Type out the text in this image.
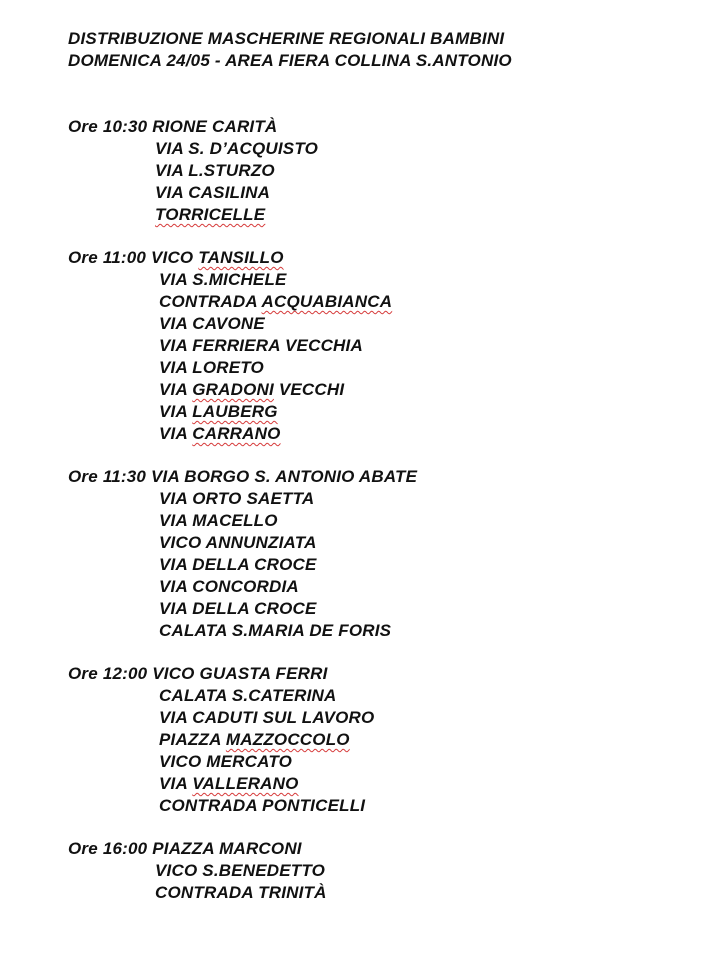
DISTRIBUZIONE MASCHERINE REGIONALI BAMBINI
DOMENICA 24/05 - AREA FIERA COLLINA S.ANTONIO
Ore 10:30 RIONE CARITÀ
VIA S. D’ACQUISTO
VIA L.STURZO
VIA CASILINA
TORRICELLE
Ore 11:00 VICO TANSILLO
VIA S.MICHELE
CONTRADA ACQUABIANCA
VIA CAVONE
VIA FERRIERA VECCHIA
VIA LORETO
VIA GRADONI VECCHI
VIA LAUBERG
VIA CARRANO
Ore 11:30 VIA BORGO S. ANTONIO ABATE
VIA ORTO SAETTA
VIA MACELLO
VICO ANNUNZIATA
VIA DELLA CROCE
VIA CONCORDIA
VIA DELLA CROCE
CALATA S.MARIA DE FORIS
Ore 12:00 VICO GUASTA FERRI
CALATA S.CATERINA
VIA CADUTI SUL LAVORO
PIAZZA MAZZOCCOLO
VICO MERCATO
VIA VALLERANO
CONTRADA PONTICELLI
Ore 16:00 PIAZZA MARCONI
VICO S.BENEDETTO
CONTRADA TRINITÀ
